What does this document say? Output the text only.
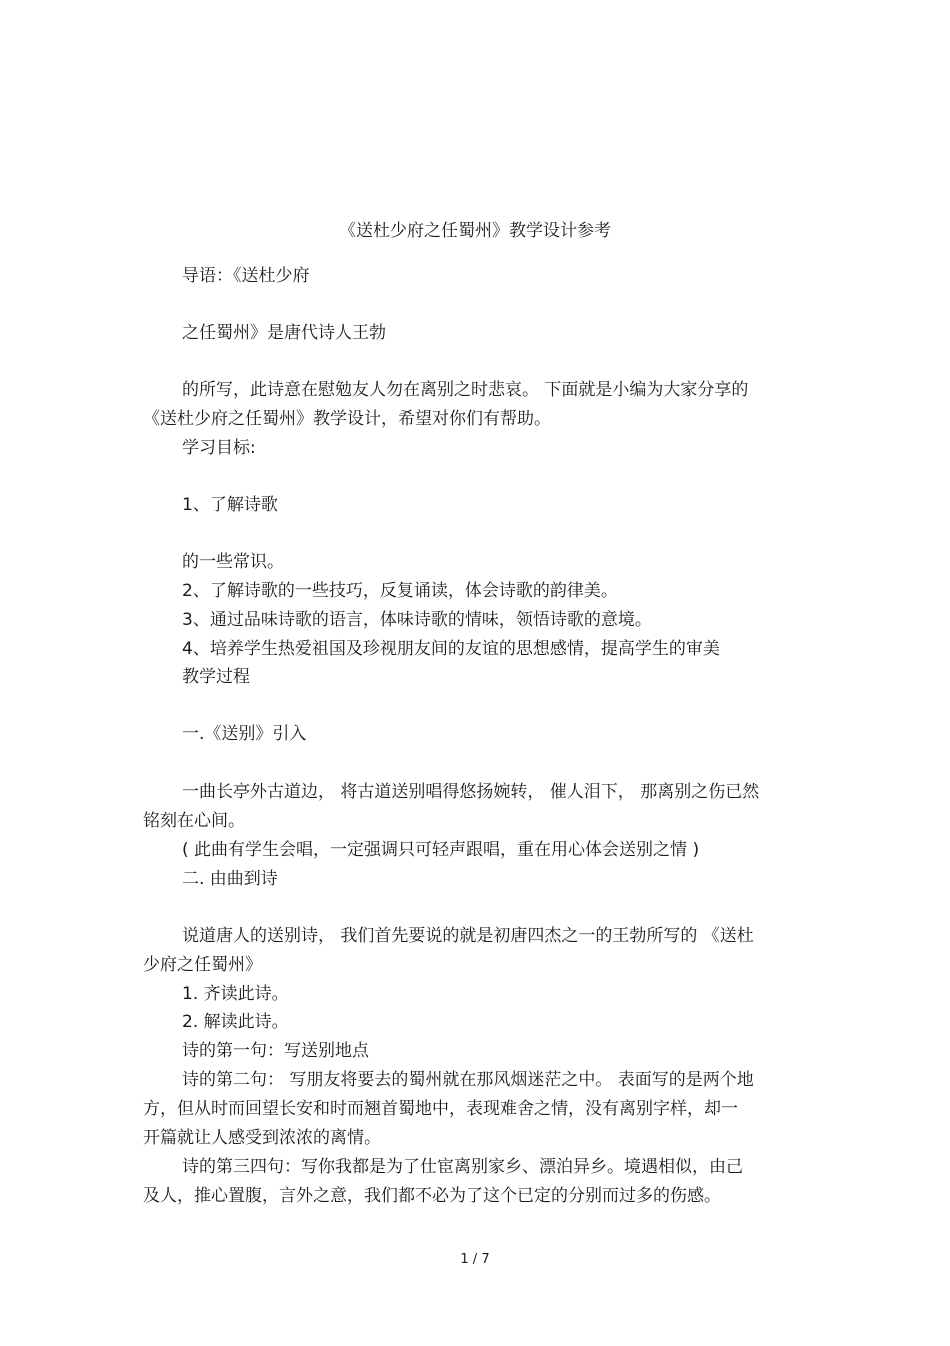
《送杜少府之任蜀州》教学设计参考
导语：《送杜少府
之任蜀州》是唐代诗人王勃
的所写，此诗意在慰勉友人勿在离别之时悲哀。 下面就是小编为大家分享的
《送杜少府之任蜀州》教学设计，希望对你们有帮助。
学习目标:
1、了解诗歌
的一些常识。
2、了解诗歌的一些技巧，反复诵读，体会诗歌的韵律美。
3、通过品味诗歌的语言，体味诗歌的情味，领悟诗歌的意境。
4、培养学生热爱祖国及珍视朋友间的友谊的思想感情，提高学生的审美
教学过程
一.《送别》引入
一曲长亭外古道边， 将古道送别唱得悠扬婉转， 催人泪下， 那离别之伤已然
铭刻在心间。
( 此曲有学生会唱，一定强调只可轻声跟唱，重在用心体会送别之情 )
二. 由曲到诗
说道唐人的送别诗， 我们首先要说的就是初唐四杰之一的王勃所写的 《送杜
少府之任蜀州》
1. 齐读此诗。
2. 解读此诗。
诗的第一句：写送别地点
诗的第二句： 写朋友将要去的蜀州就在那风烟迷茫之中。 表面写的是两个地
方，但从时而回望长安和时而翘首蜀地中，表现难舍之情，没有离别字样，却一
开篇就让人感受到浓浓的离情。
诗的第三四句：写你我都是为了仕宦离别家乡、漂泊异乡。境遇相似，由己
及人，推心置腹，言外之意，我们都不必为了这个已定的分别而过多的伤感。
1 / 7
